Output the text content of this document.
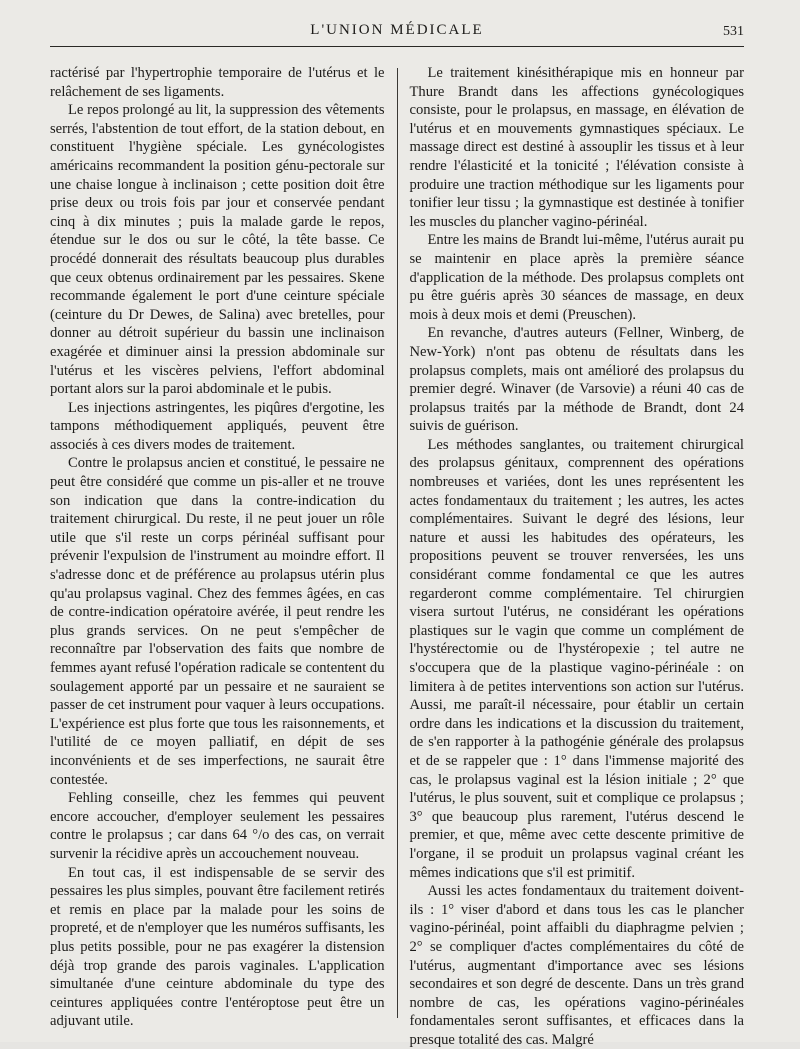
L'UNION MÉDICALE	531

ractérisé par l'hypertrophie temporaire de l'utérus et le relâchement de ses ligaments.

Le repos prolongé au lit, la suppression des vêtements serrés, l'abstention de tout effort, de la station debout, en constituent l'hygiène spéciale. Les gynécologistes américains recommandent la position génu-pectorale sur une chaise longue à inclinaison ; cette position doit être prise deux ou trois fois par jour et conservée pendant cinq à dix minutes ; puis la malade garde le repos, étendue sur le dos ou sur le côté, la tête basse. Ce procédé donnerait des résultats beaucoup plus durables que ceux obtenus ordinairement par les pessaires. Skene recommande également le port d'une ceinture spéciale (ceinture du Dr Dewes, de Salina) avec bretelles, pour donner au détroit supérieur du bassin une inclinaison exagérée et diminuer ainsi la pression abdominale sur l'utérus et les viscères pelviens, l'effort abdominal portant alors sur la paroi abdominale et le pubis.

Les injections astringentes, les piqûres d'ergotine, les tampons méthodiquement appliqués, peuvent être associés à ces divers modes de traitement.

Contre le prolapsus ancien et constitué, le pessaire ne peut être considéré que comme un pis-aller et ne trouve son indication que dans la contre-indication du traitement chirurgical. Du reste, il ne peut jouer un rôle utile que s'il reste un corps périnéal suffisant pour prévenir l'expulsion de l'instrument au moindre effort. Il s'adresse donc et de préférence au prolapsus utérin plus qu'au prolapsus vaginal. Chez des femmes âgées, en cas de contre-indication opératoire avérée, il peut rendre les plus grands services. On ne peut s'empêcher de reconnaître par l'observation des faits que nombre de femmes ayant refusé l'opération radicale se contentent du soulagement apporté par un pessaire et ne sauraient se passer de cet instrument pour vaquer à leurs occupations. L'expérience est plus forte que tous les raisonnements, et l'utilité de ce moyen palliatif, en dépit de ses inconvénients et de ses imperfections, ne saurait être contestée.

Fehling conseille, chez les femmes qui peuvent encore accoucher, d'employer seulement les pessaires contre le prolapsus ; car dans 64 °/o des cas, on verrait survenir la récidive après un accouchement nouveau.

En tout cas, il est indispensable de se servir des pessaires les plus simples, pouvant être facilement retirés et remis en place par la malade pour les soins de propreté, et de n'employer que les numéros suffisants, les plus petits possible, pour ne pas exagérer la distension déjà trop grande des parois vaginales. L'application simultanée d'une ceinture abdominale du type des ceintures appliquées contre l'entéroptose peut être un adjuvant utile.

Le traitement kinésithérapique mis en honneur par Thure Brandt dans les affections gynécologiques consiste, pour le prolapsus, en massage, en élévation de l'utérus et en mouvements gymnastiques spéciaux. Le massage direct est destiné à assouplir les tissus et à leur rendre l'élasticité et la tonicité ; l'élévation consiste à produire une traction méthodique sur les ligaments pour tonifier leur tissu ; la gymnastique est destinée à tonifier les muscles du plancher vagino-périnéal.

Entre les mains de Brandt lui-même, l'utérus aurait pu se maintenir en place après la première séance d'application de la méthode. Des prolapsus complets ont pu être guéris après 30 séances de massage, en deux mois à deux mois et demi (Preuschen).

En revanche, d'autres auteurs (Fellner, Winberg, de New-York) n'ont pas obtenu de résultats dans les prolapsus complets, mais ont amélioré des prolapsus du premier degré. Winaver (de Varsovie) a réuni 40 cas de prolapsus traités par la méthode de Brandt, dont 24 suivis de guérison.

Les méthodes sanglantes, ou traitement chirurgical des prolapsus génitaux, comprennent des opérations nombreuses et variées, dont les unes représentent les actes fondamentaux du traitement ; les autres, les actes complémentaires. Suivant le degré des lésions, leur nature et aussi les habitudes des opérateurs, les propositions peuvent se trouver renversées, les uns considérant comme fondamental ce que les autres regarderont comme complémentaire. Tel chirurgien visera surtout l'utérus, ne considérant les opérations plastiques sur le vagin que comme un complément de l'hystérectomie ou de l'hystéropexie ; tel autre ne s'occupera que de la plastique vagino-périnéale : on limitera à de petites interventions son action sur l'utérus. Aussi, me paraît-il nécessaire, pour établir un certain ordre dans les indications et la discussion du traitement, de s'en rapporter à la pathogénie générale des prolapsus et de se rappeler que : 1° dans l'immense majorité des cas, le prolapsus vaginal est la lésion initiale ; 2° que l'utérus, le plus souvent, suit et complique ce prolapsus ; 3° que beaucoup plus rarement, l'utérus descend le premier, et que, même avec cette descente primitive de l'organe, il se produit un prolapsus vaginal créant les mêmes indications que s'il est primitif.

Aussi les actes fondamentaux du traitement doivent-ils : 1° viser d'abord et dans tous les cas le plancher vagino-périnéal, point affaibli du diaphragme pelvien ; 2° se compliquer d'actes complémentaires du côté de l'utérus, augmentant d'importance avec ses lésions secondaires et son degré de descente. Dans un très grand nombre de cas, les opérations vagino-périnéales fondamentales seront suffisantes, et efficaces dans la presque totalité des cas. Malgré
